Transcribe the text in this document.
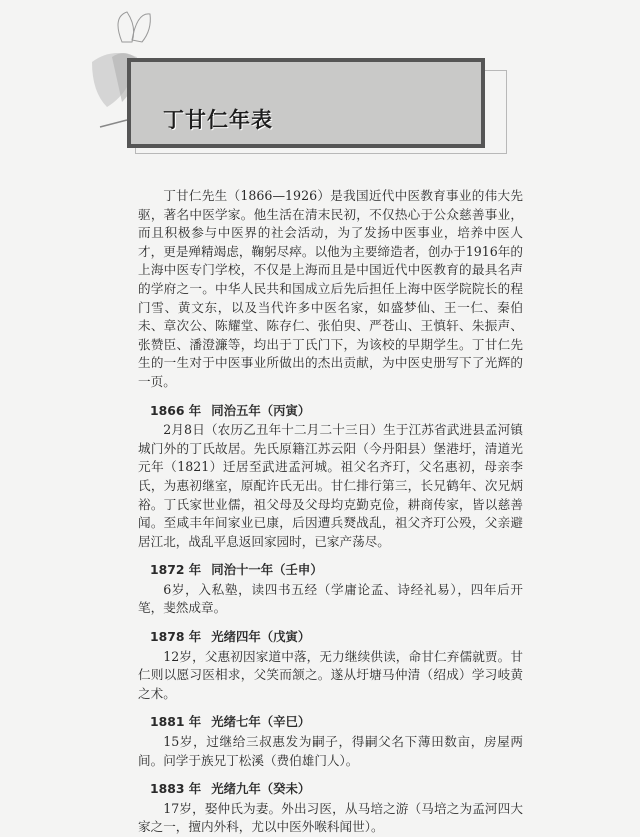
丁甘仁年表

丁甘仁先生（1866—1926）是我国近代中医教育事业的伟大先驱，著名中医学家。他生活在清末民初，不仅热心于公众慈善事业，而且积极参与中医界的社会活动，为了发扬中医事业，培养中医人才，更是殚精竭虑，鞠躬尽瘁。以他为主要缔造者，创办于1916年的上海中医专门学校，不仅是上海而且是中国近代中医教育的最具名声的学府之一。中华人民共和国成立后先后担任上海中医学院院长的程门雪、黄文东，以及当代许多中医名家，如盛梦仙、王一仁、秦伯未、章次公、陈耀堂、陈存仁、张伯臾、严苍山、王慎轩、朱振声、张赞臣、潘澄濂等，均出于丁氏门下，为该校的早期学生。丁甘仁先生的一生对于中医事业所做出的杰出贡献，为中医史册写下了光辉的一页。

1866 年 同治五年（丙寅）

2月8日（农历乙丑年十二月二十三日）生于江苏省武进县孟河镇城门外的丁氏故居。先氏原籍江苏云阳（今丹阳县）堡港圩，清道光元年（1821）迁居至武进孟河城。祖父名齐玎，父名惠初，母亲李氏，为惠初继室，原配许氏无出。甘仁排行第三，长兄鹤年、次兄炳裕。丁氏家世业儒，祖父母及父母均克勤克俭，耕商传家，皆以慈善闻。至咸丰年间家业已康，后因遭兵燹战乱，祖父齐玎公殁，父亲避居江北，战乱平息返回家园时，已家产荡尽。

1872 年 同治十一年（壬申）

6岁，入私塾，读四书五经（学庸论孟、诗经礼易），四年后开笔，斐然成章。

1878 年 光绪四年（戊寅）

12岁，父惠初因家道中落，无力继续供读，命甘仁弃儒就贾。甘仁则以愿习医相求，父笑而颔之。遂从圩塘马仲清（绍成）学习岐黄之术。

1881 年 光绪七年（辛巳）

15岁，过继给三叔惠发为嗣子，得嗣父名下薄田数亩，房屋两间。问学于族兄丁松溪（费伯雄门人）。

1883 年 光绪九年（癸未）

17岁，娶仲氏为妻。外出习医，从马培之游（马培之为孟河四大家之一，擅内外科，尤以中医外喉科闻世）。
